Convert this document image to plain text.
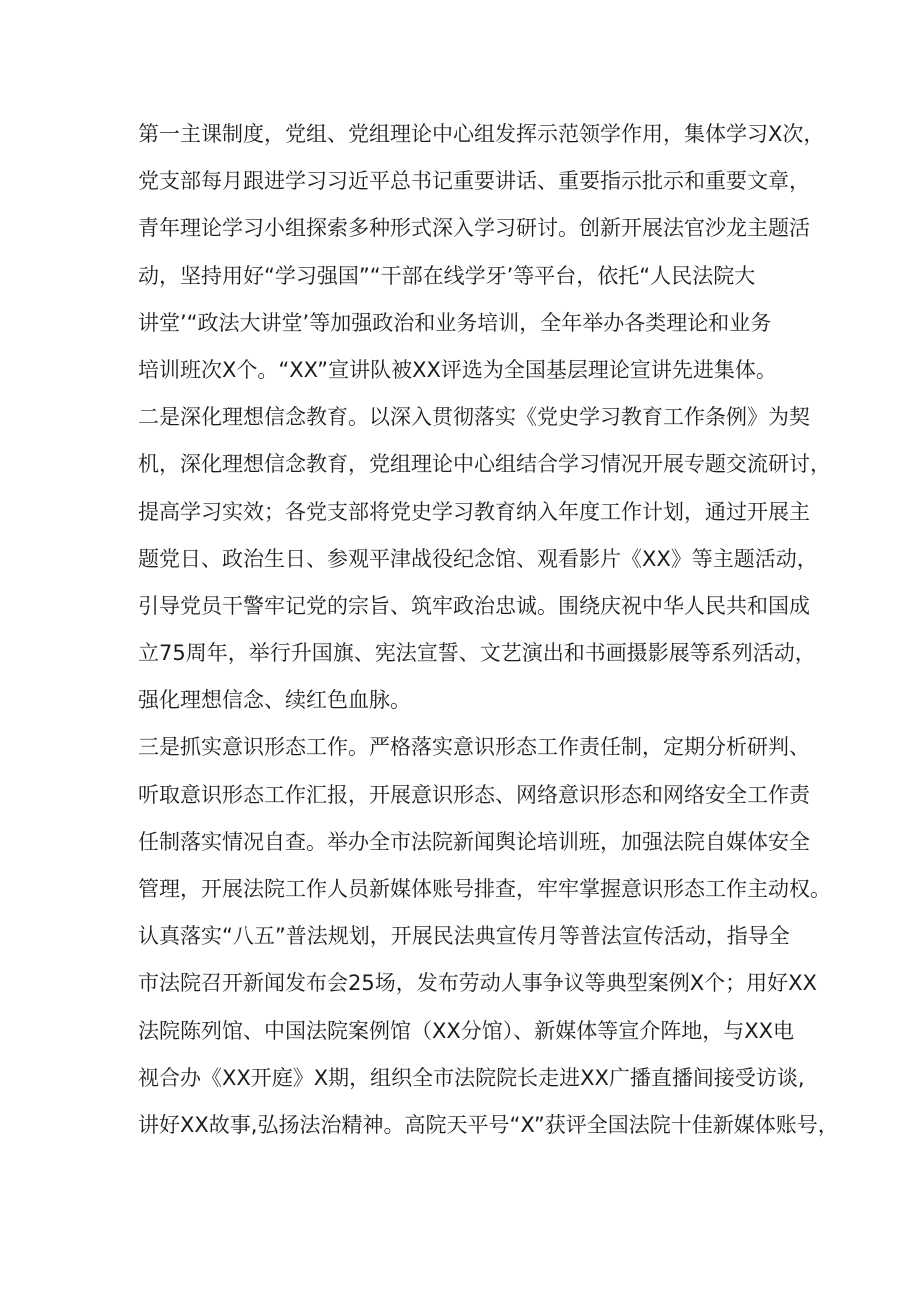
第一主课制度，党组、党组理论中心组发挥示范领学作用，集体学习X次，
党支部每月跟进学习习近平总书记重要讲话、重要指示批示和重要文章，
青年理论学习小组探索多种形式深入学习研讨。创新开展法官沙龙主题活
动，坚持用好“学习强国”“干部在线学牙’等平台，依托“人民法院大
讲堂’“政法大讲堂’等加强政治和业务培训，全年举办各类理论和业务
培训班次X个。“XX”宣讲队被XX评选为全国基层理论宣讲先进集体。
二是深化理想信念教育。以深入贯彻落实《党史学习教育工作条例》为契
机，深化理想信念教育，党组理论中心组结合学习情况开展专题交流研讨，
提高学习实效；各党支部将党史学习教育纳入年度工作计划，通过开展主
题党日、政治生日、参观平津战役纪念馆、观看影片《XX》等主题活动，
引导党员干警牢记党的宗旨、筑牢政治忠诚。围绕庆祝中华人民共和国成
立75周年，举行升国旗、宪法宣誓、文艺演出和书画摄影展等系列活动，
强化理想信念、续红色血脉。
三是抓实意识形态工作。严格落实意识形态工作责任制，定期分析研判、
听取意识形态工作汇报，开展意识形态、网络意识形态和网络安全工作责
任制落实情况自查。举办全市法院新闻舆论培训班，加强法院自媒体安全
管理，开展法院工作人员新媒体账号排查，牢牢掌握意识形态工作主动权。
认真落实“八五”普法规划，开展民法典宣传月等普法宣传活动，指导全
市法院召开新闻发布会25场，发布劳动人事争议等典型案例X个；用好XX
法院陈列馆、中国法院案例馆（XX分馆）、新媒体等宣介阵地，与XX电
视合办《XX开庭》X期，组织全市法院院长走进XX广播直播间接受访谈,
讲好XX故事,弘扬法治精神。高院天平号“X”获评全国法院十佳新媒体账号，
